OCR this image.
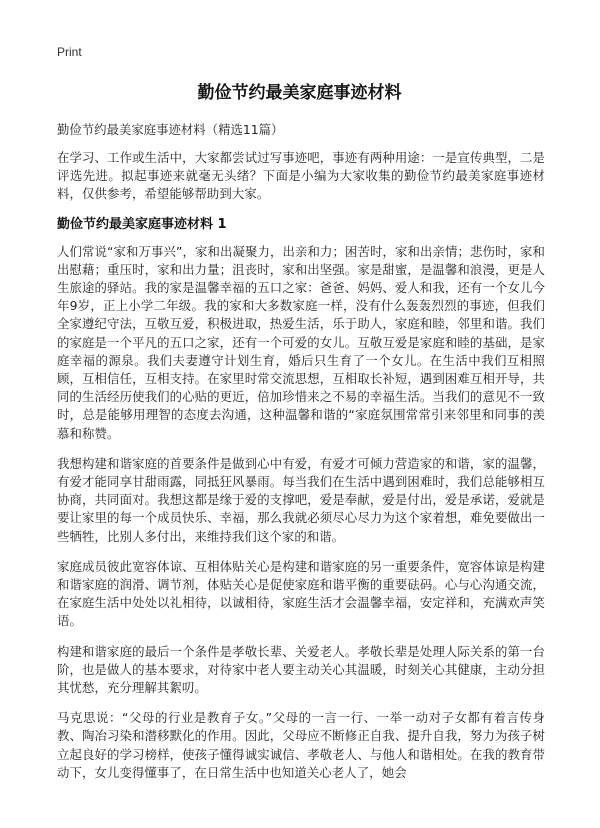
Print
勤俭节约最美家庭事迹材料

勤俭节约最美家庭事迹材料（精选11篇）

在学习、工作或生活中，大家都尝试过写事迹吧，事迹有两种用途：一是宣传典型，二是评选先进。拟起事迹来就毫无头绪？下面是小编为大家收集的勤俭节约最美家庭事迹材料，仅供参考，希望能够帮助到大家。

勤俭节约最美家庭事迹材料 1

人们常说“家和万事兴”，家和出凝聚力，出亲和力；困苦时，家和出亲情；悲伤时，家和出慰藉；重压时，家和出力量；沮丧时，家和出坚强。家是甜蜜，是温馨和浪漫，更是人生旅途的驿站。我的家是温馨幸福的五口之家：爸爸、妈妈、爱人和我，还有一个女儿今年9岁，正上小学二年级。我的家和大多数家庭一样，没有什么轰轰烈烈的事迹，但我们全家遵纪守法，互敬互爱，积极进取，热爱生活，乐于助人，家庭和睦，邻里和谐。我们的家庭是一个平凡的五口之家，还有一个可爱的女儿。互敬互爱是家庭和睦的基础，是家庭幸福的源泉。我们夫妻遵守计划生育，婚后只生育了一个女儿。在生活中我们互相照顾，互相信任，互相支持。在家里时常交流思想，互相取长补短，遇到困难互相开导，共同的生活经历使我们的心贴的更近，倍加珍惜来之不易的幸福生活。当我们的意见不一致时，总是能够用理智的态度去沟通，这种温馨和谐的“家庭氛围常常引来邻里和同事的羡慕和称赞。

我想构建和谐家庭的首要条件是做到心中有爱，有爱才可倾力营造家的和谐，家的温馨，有爱才能同享甘甜雨露，同抵狂风暴雨。每当我们在生活中遇到困难时，我们总能够相互协商，共同面对。我想这都是缘于爱的支撑吧，爱是奉献，爱是付出，爱是承诺，爱就是要让家里的每一个成员快乐、幸福，那么我就必须尽心尽力为这个家着想，难免要做出一些牺牲，比别人多付出，来维持我们这个家的和谐。

家庭成员彼此宽容体谅、互相体贴关心是构建和谐家庭的另一重要条件，宽容体谅是构建和谐家庭的润滑、调节剂，体贴关心是促使家庭和谐平衡的重要砝码。心与心沟通交流，在家庭生活中处处以礼相待，以诚相待，家庭生活才会温馨幸福，安定祥和，充满欢声笑语。

构建和谐家庭的最后一个条件是孝敬长辈、关爱老人。孝敬长辈是处理人际关系的第一台阶，也是做人的基本要求，对待家中老人要主动关心其温暖，时刻关心其健康，主动分担其忧愁，充分理解其絮叨。

马克思说：“父母的行业是教育子女。”父母的一言一行、一举一动对子女都有着言传身教、陶冶习染和潜移默化的作用。因此，父母应不断修正自我、提升自我，努力为孩子树立起良好的学习榜样，使孩子懂得诚实诚信、孝敬老人、与他人和谐相处。在我的教育带动下，女儿变得懂事了，在日常生活中也知道关心老人了，她会
